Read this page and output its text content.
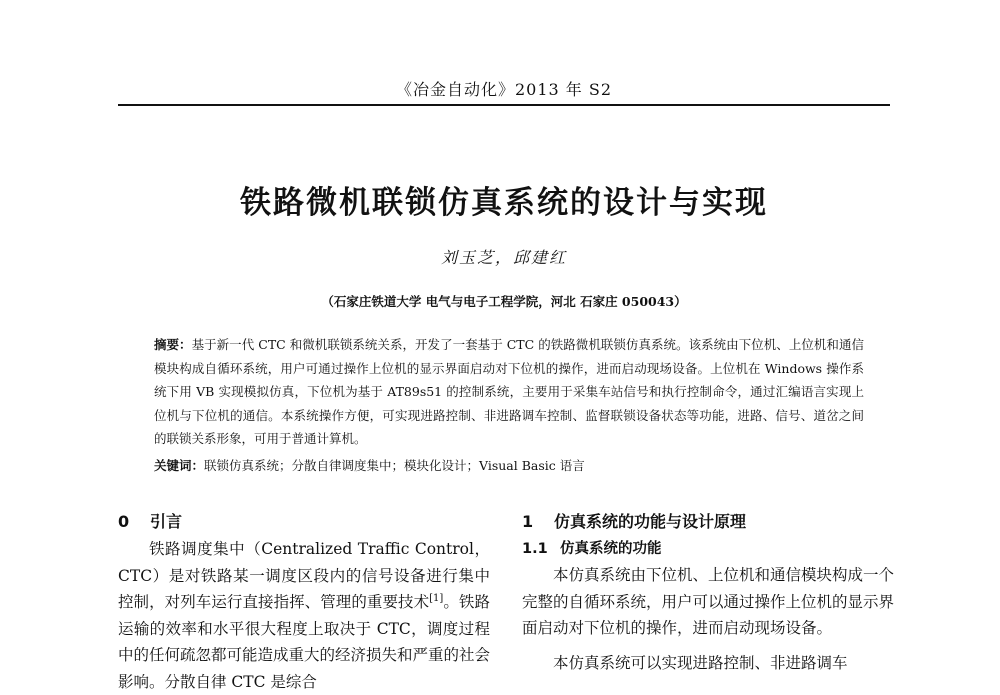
《冶金自动化》2013 年 S2
铁路微机联锁仿真系统的设计与实现
刘玉芝，邱建红
（石家庄铁道大学 电气与电子工程学院，河北 石家庄 050043）
摘要：基于新一代 CTC 和微机联锁系统关系，开发了一套基于 CTC 的铁路微机联锁仿真系统。该系统由下位机、上位机和通信模块构成自循环系统，用户可通过操作上位机的显示界面启动对下位机的操作，进而启动现场设备。上位机在 Windows 操作系统下用 VB 实现模拟仿真，下位机为基于 AT89s51 的控制系统，主要用于采集车站信号和执行控制命令，通过汇编语言实现上位机与下位机的通信。本系统操作方便，可实现进路控制、非进路调车控制、监督联锁设备状态等功能，进路、信号、道岔之间的联锁关系形象，可用于普通计算机。
关键词：联锁仿真系统；分散自律调度集中；模块化设计；Visual Basic 语言

0 引言

铁路调度集中（Centralized Traffic Control，CTC）是对铁路某一调度区段内的信号设备进行集中控制，对列车运行直接指挥、管理的重要技术[1]。铁路运输的效率和水平很大程度上取决于 CTC，调度过程中的任何疏忽都可能造成重大的经济损失和严重的社会影响。分散自律 CTC 是综合

1 仿真系统的功能与设计原理

1.1 仿真系统的功能

本仿真系统由下位机、上位机和通信模块构成一个完整的自循环系统，用户可以通过操作上位机的显示界面启动对下位机的操作，进而启动现场设备。

本仿真系统可以实现进路控制、非进路调车
